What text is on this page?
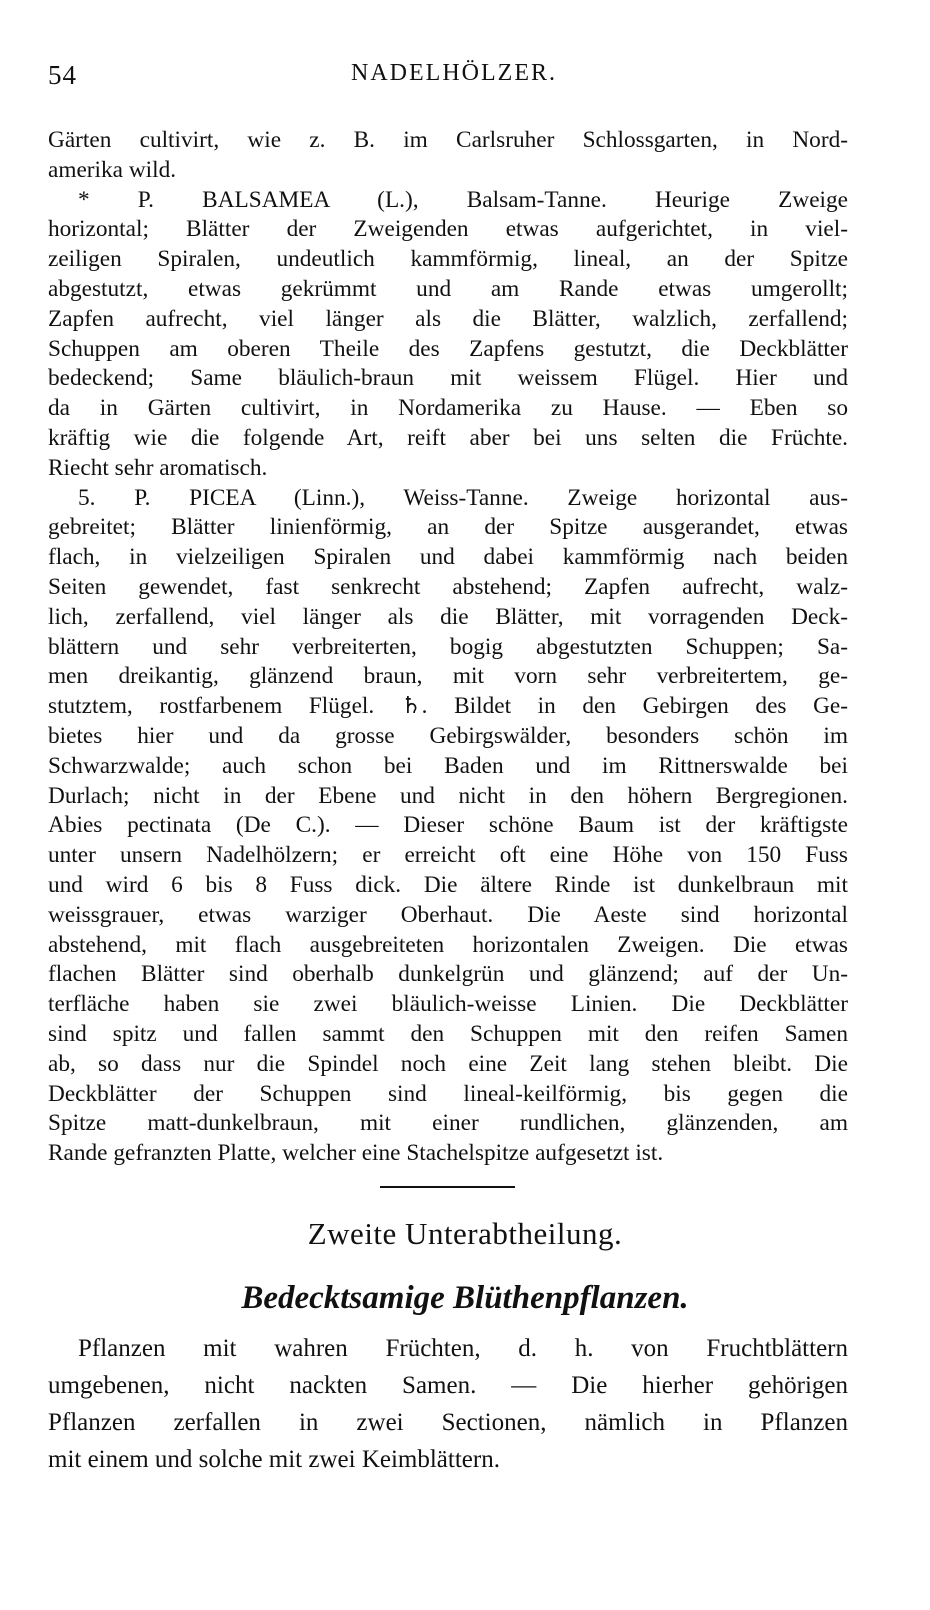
54	NADELHÖLZER.
Gärten cultivirt, wie z. B. im Carlsruher Schlossgarten, in Nord-
amerika wild.
* P. BALSAMEA (L.), Balsam-Tanne. Heurige Zweige
horizontal; Blätter der Zweigenden etwas aufgerichtet, in viel-
zeiligen Spiralen, undeutlich kammförmig, lineal, an der Spitze
abgestutzt, etwas gekrümmt und am Rande etwas umgerollt;
Zapfen aufrecht, viel länger als die Blätter, walzlich, zerfallend;
Schuppen am oberen Theile des Zapfens gestutzt, die Deckblätter
bedeckend; Same bläulich-braun mit weissem Flügel. Hier und
da in Gärten cultivirt, in Nordamerika zu Hause. — Eben so
kräftig wie die folgende Art, reift aber bei uns selten die Früchte.
Riecht sehr aromatisch.
5. P. PICEA (Linn.), Weiss-Tanne. Zweige horizontal aus-
gebreitet; Blätter linienförmig, an der Spitze ausgerandet, etwas
flach, in vielzeiligen Spiralen und dabei kammförmig nach beiden
Seiten gewendet, fast senkrecht abstehend; Zapfen aufrecht, walz-
lich, zerfallend, viel länger als die Blätter, mit vorragenden Deck-
blättern und sehr verbreiterten, bogig abgestutzten Schuppen; Sa-
men dreikantig, glänzend braun, mit vorn sehr verbreitertem, ge-
stutztem, rostfarbenem Flügel. ♄. Bildet in den Gebirgen des Ge-
bietes hier und da grosse Gebirgswälder, besonders schön im
Schwarzwalde; auch schon bei Baden und im Rittnerswalde bei
Durlach; nicht in der Ebene und nicht in den höhern Bergregionen.
Abies pectinata (De C.). — Dieser schöne Baum ist der kräftigste
unter unsern Nadelhölzern; er erreicht oft eine Höhe von 150 Fuss
und wird 6 bis 8 Fuss dick. Die ältere Rinde ist dunkelbraun mit
weissgrauer, etwas warziger Oberhaut. Die Aeste sind horizontal
abstehend, mit flach ausgebreiteten horizontalen Zweigen. Die etwas
flachen Blätter sind oberhalb dunkelgrün und glänzend; auf der Un-
terfläche haben sie zwei bläulich-weisse Linien. Die Deckblätter
sind spitz und fallen sammt den Schuppen mit den reifen Samen
ab, so dass nur die Spindel noch eine Zeit lang stehen bleibt. Die
Deckblätter der Schuppen sind lineal-keilförmig, bis gegen die
Spitze matt-dunkelbraun, mit einer rundlichen, glänzenden, am
Rande gefranzten Platte, welcher eine Stachelspitze aufgesetzt ist.
Zweite Unterabtheilung.
Bedecktsamige Blüthenpflanzen.
Pflanzen mit wahren Früchten, d. h. von Fruchtblättern
umgebenen, nicht nackten Samen. — Die hierher gehörigen
Pflanzen zerfallen in zwei Sectionen, nämlich in Pflanzen
mit einem und solche mit zwei Keimblättern.
